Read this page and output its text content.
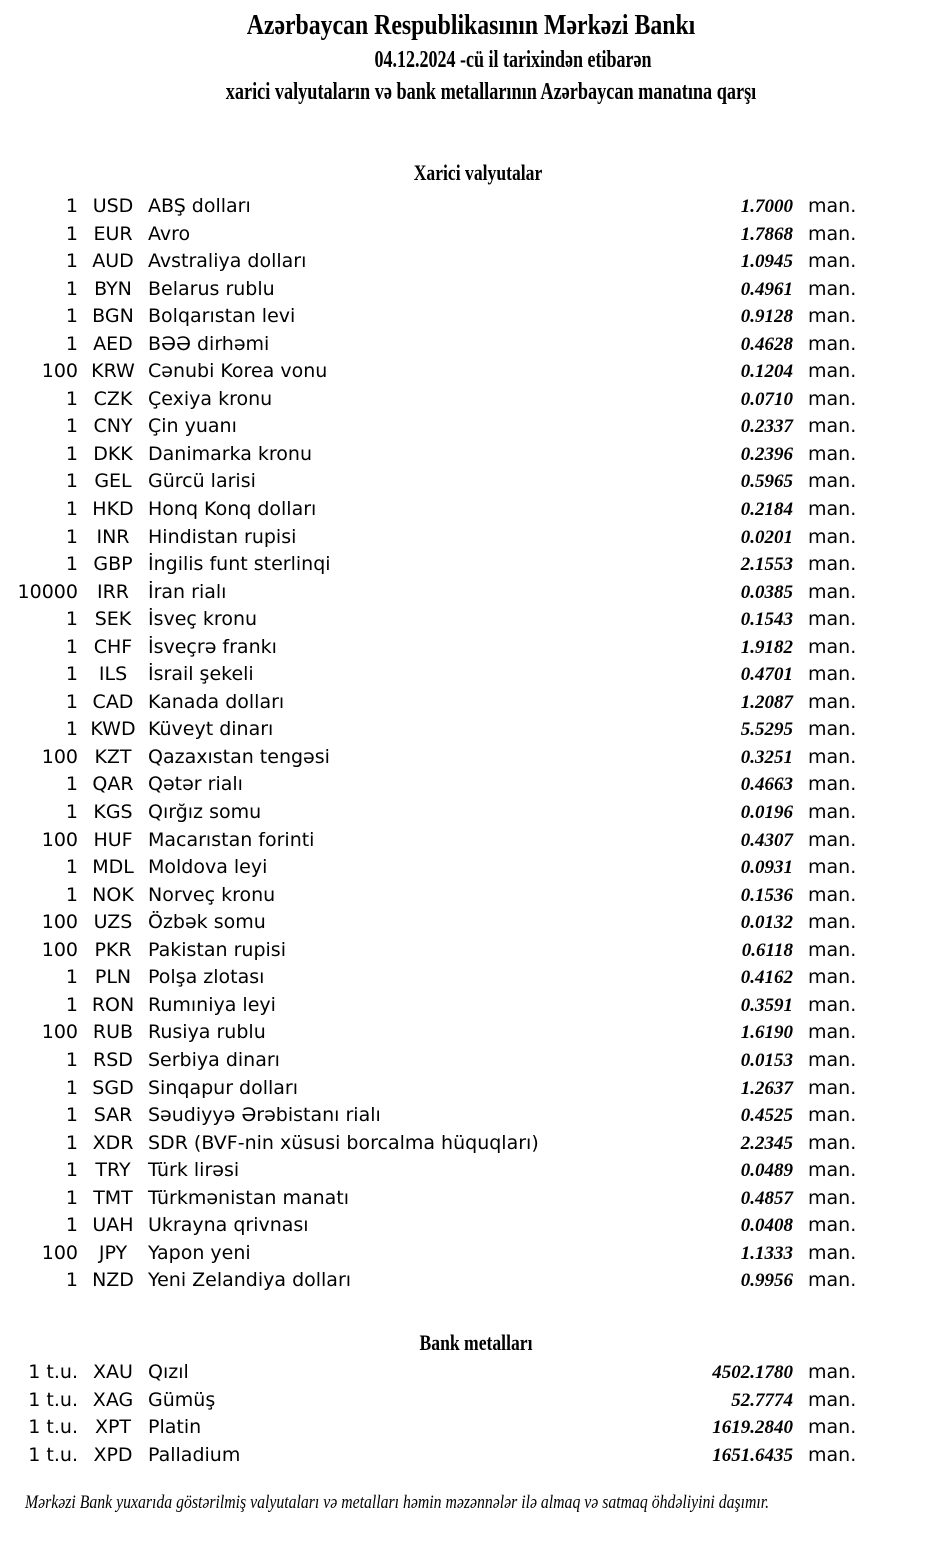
Azərbaycan Respublikasının Mərkəzi Bankı
04.12.2024 -cü il tarixindən etibarən
xarici valyutaların və bank metallarının Azərbaycan manatına qarşı
Xarici valyutalar
1 USD ABŞ dolları	1.7000 man.
1 EUR Avro	1.7868 man.
1 AUD Avstraliya dolları	1.0945 man.
1 BYN Belarus rublu	0.4961 man.
1 BGN Bolqarıstan levi	0.9128 man.
1 AED BƏƏ dirhəmi	0.4628 man.
100 KRW Cənubi Korea vonu	0.1204 man.
1 CZK Çexiya kronu	0.0710 man.
1 CNY Çin yuanı	0.2337 man.
1 DKK Danimarka kronu	0.2396 man.
1 GEL Gürcü larisi	0.5965 man.
1 HKD Honq Konq dolları	0.2184 man.
1 INR Hindistan rupisi	0.0201 man.
1 GBP İngilis funt sterlinqi	2.1553 man.
10000 IRR	İran rialı	0.0385 man.
1 SEK İsveç kronu	0.1543 man.
1 CHF İsveçrə frankı	1.9182 man.
1	ILS	İsrail şekeli	0.4701 man.
1 CAD Kanada dolları	1.2087 man.
1 KWD Küveyt dinarı	5.5295 man.
100 KZT Qazaxıstan tengəsi	0.3251 man.
1 QAR Qətər rialı	0.4663 man.
1 KGS Qırğız somu	0.0196 man.
100 HUF Macarıstan forinti	0.4307 man.
1 MDL Moldova leyi	0.0931 man.
1 NOK Norveç kronu	0.1536 man.
100 UZS Özbək somu	0.0132 man.
100 PKR Pakistan rupisi	0.6118 man.
1 PLN Polşa zlotası	0.4162 man.
1 RON Rumıniya leyi	0.3591 man.
100 RUB Rusiya rublu	1.6190 man.
1 RSD Serbiya dinarı	0.0153 man.
1 SGD Sinqapur dolları	1.2637 man.
1 SAR Səudiyyə Ərəbistanı rialı	0.4525 man.
1 XDR SDR (BVF-nin xüsusi borcalma hüquqları)	2.2345 man.
1 TRY Türk lirəsi	0.0489 man.
1 TMT Türkmənistan manatı	0.4857 man.
1 UAH Ukrayna qrivnası	0.0408 man.
100	JPY	Yapon yeni	1.1333 man.
1 NZD Yeni Zelandiya dolları	0.9956 man.
Bank metalları
1 t.u. XAU Qızıl	4502.1780 man.
1 t.u. XAG Gümüş	52.7774 man.
1 t.u. XPT Platin	1619.2840 man.
1 t.u. XPD Palladium	1651.6435 man.
Mərkəzi Bank yuxarıda göstərilmiş valyutaları və metalları həmin məzənnələr ilə almaq və satmaq öhdəliyini daşımır.
